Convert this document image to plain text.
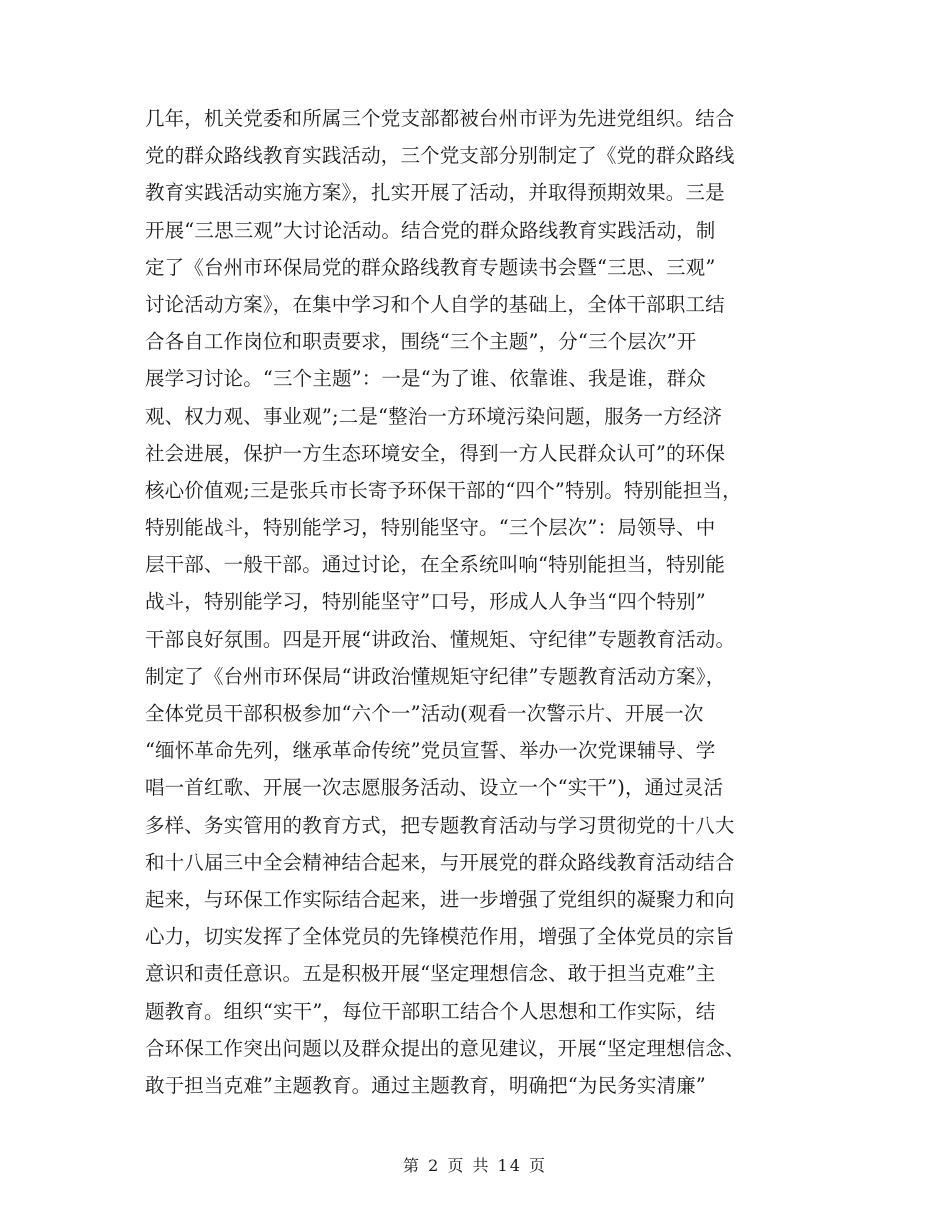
几年，机关党委和所属三个党支部都被台州市评为先进党组织。结合
党的群众路线教育实践活动，三个党支部分别制定了《党的群众路线
教育实践活动实施方案》，扎实开展了活动，并取得预期效果。三是
开展“三思三观”大讨论活动。结合党的群众路线教育实践活动，制
定了《台州市环保局党的群众路线教育专题读书会暨“三思、三观”
讨论活动方案》，在集中学习和个人自学的基础上，全体干部职工结
合各自工作岗位和职责要求，围绕“三个主题”，分“三个层次”开
展学习讨论。“三个主题”：一是“为了谁、依靠谁、我是谁，群众
观、权力观、事业观”;二是“整治一方环境污染问题，服务一方经济
社会进展，保护一方生态环境安全，得到一方人民群众认可”的环保
核心价值观;三是张兵市长寄予环保干部的“四个”特别。特别能担当，
特别能战斗，特别能学习，特别能坚守。“三个层次”：局领导、中
层干部、一般干部。通过讨论，在全系统叫响“特别能担当，特别能
战斗，特别能学习，特别能坚守”口号，形成人人争当“四个特别”
干部良好氛围。四是开展“讲政治、懂规矩、守纪律”专题教育活动。
制定了《台州市环保局“讲政治懂规矩守纪律”专题教育活动方案》，
全体党员干部积极参加“六个一”活动(观看一次警示片、开展一次
“缅怀革命先列，继承革命传统”党员宣誓、举办一次党课辅导、学
唱一首红歌、开展一次志愿服务活动、设立一个“实干”)，通过灵活
多样、务实管用的教育方式，把专题教育活动与学习贯彻党的十八大
和十八届三中全会精神结合起来，与开展党的群众路线教育活动结合
起来，与环保工作实际结合起来，进一步增强了党组织的凝聚力和向
心力，切实发挥了全体党员的先锋模范作用，增强了全体党员的宗旨
意识和责任意识。五是积极开展“坚定理想信念、敢于担当克难”主
题教育。组织“实干”，每位干部职工结合个人思想和工作实际，结
合环保工作突出问题以及群众提出的意见建议，开展“坚定理想信念、
敢于担当克难”主题教育。通过主题教育，明确把“为民务实清廉”
第 2 页 共 14 页
